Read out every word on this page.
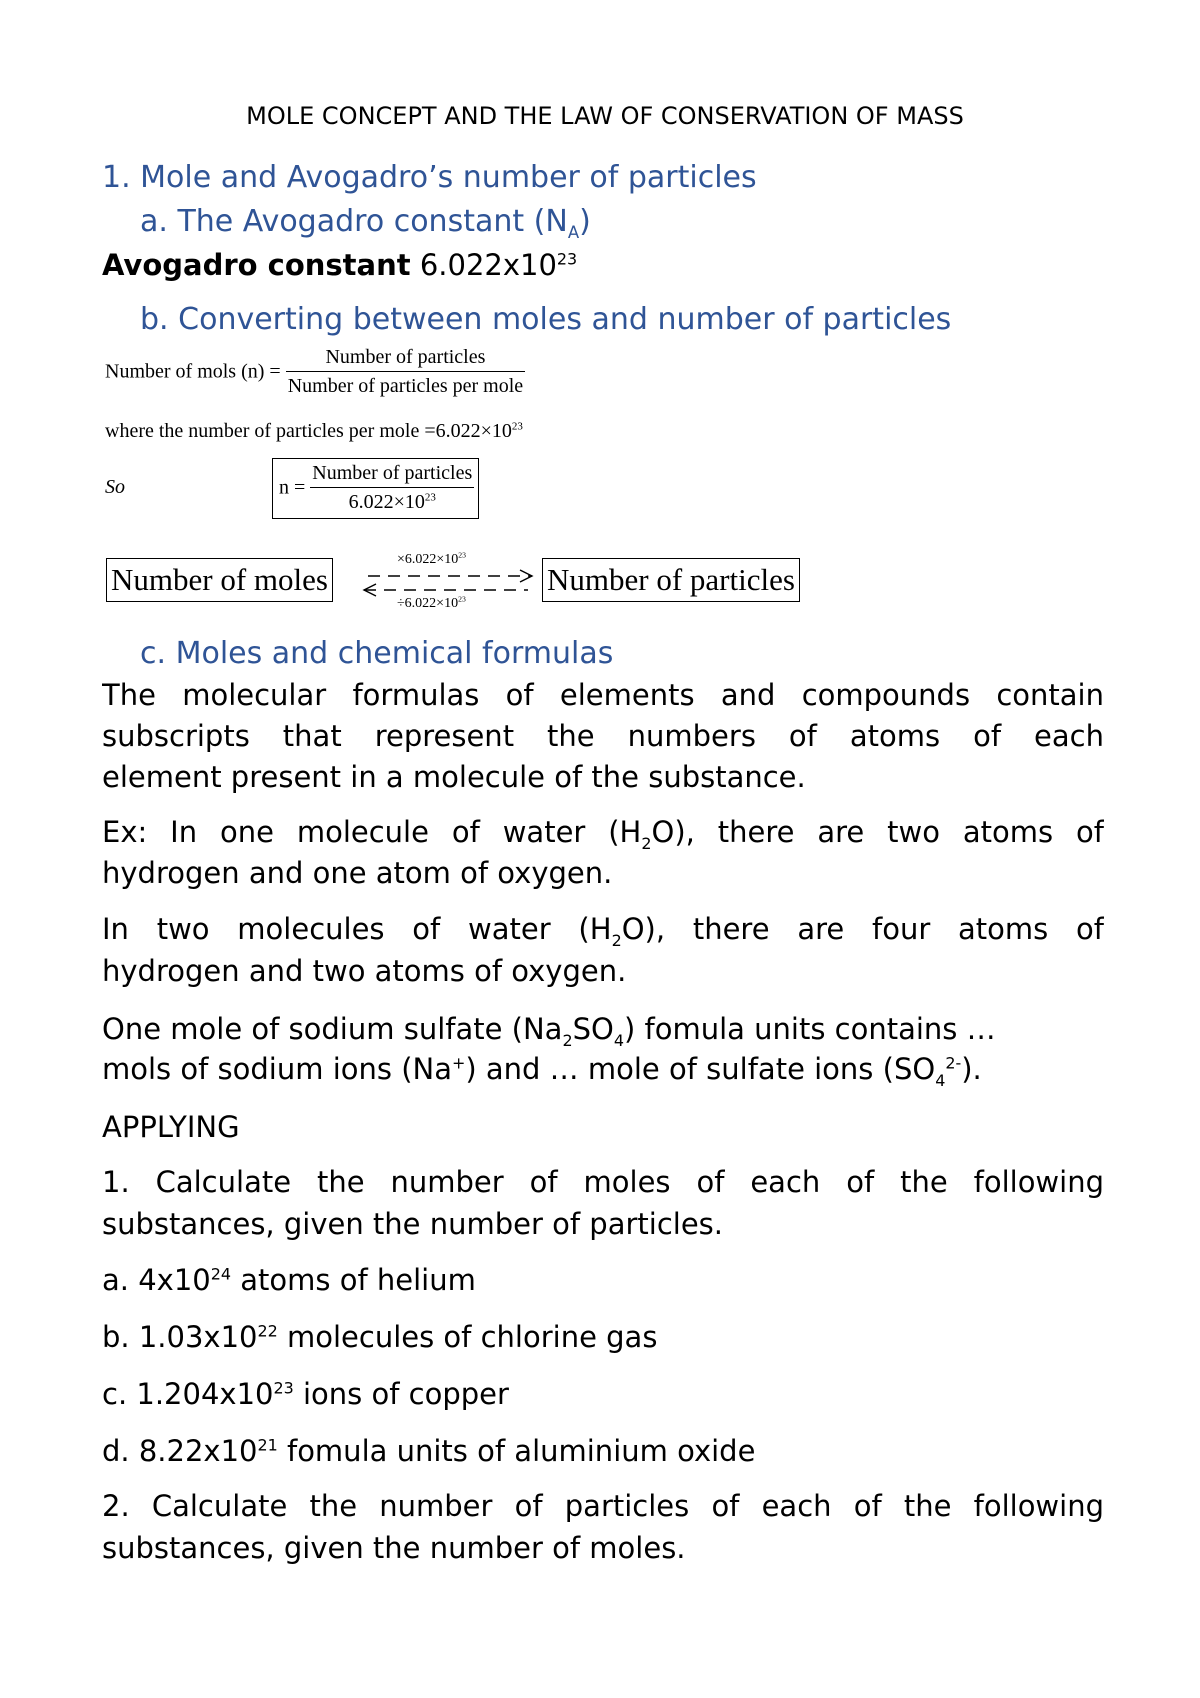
MOLE CONCEPT AND THE LAW OF CONSERVATION OF MASS
1. Mole and Avogadro’s number of particles
a. The Avogadro constant $(N_A)$
Avogadro constant $6.022x10^{23}$
b. Converting between moles and number of particles
Number of mols $(n) = \frac{\text{Number of particles}}{\text{Number of particles per mole}}$
where the number of particles per mole $=6.022\times 10^{23}$
So	$n = \frac{\text{Number of particles}}{6.022\times 10^{23}}$
Number of moles
$\times 6.022\times 10^{23}$
$\div 6.022\times 10^{23}$
Number of particles
c. Moles and chemical formulas
The molecular formulas of elements and compounds contain
subscripts that represent the numbers of atoms of each
element present in a molecule of the substance.
Ex: In one molecule of water $(H_2O)$, there are two atoms of
hydrogen and one atom of oxygen.
In two molecules of water $(H_2O)$, there are four atoms of
hydrogen and two atoms of oxygen.
One mole of sodium sulfate $(Na_2SO_4)$ fomula units contains …
mols of sodium ions (Na+) and … mole of sulfate ions $(SO_4^{2-})$.
APPLYING
1. Calculate the number of moles of each of the following
substances, given the number of particles.
a. $4x10^{24}$ atoms of helium
b. $1.03x10^{22}$ molecules of chlorine gas
c. $1.204x10^{23}$ ions of copper
d. $8.22x10^{21}$ fomula units of aluminium oxide
2. Calculate the number of particles of each of the following
substances, given the number of moles.
